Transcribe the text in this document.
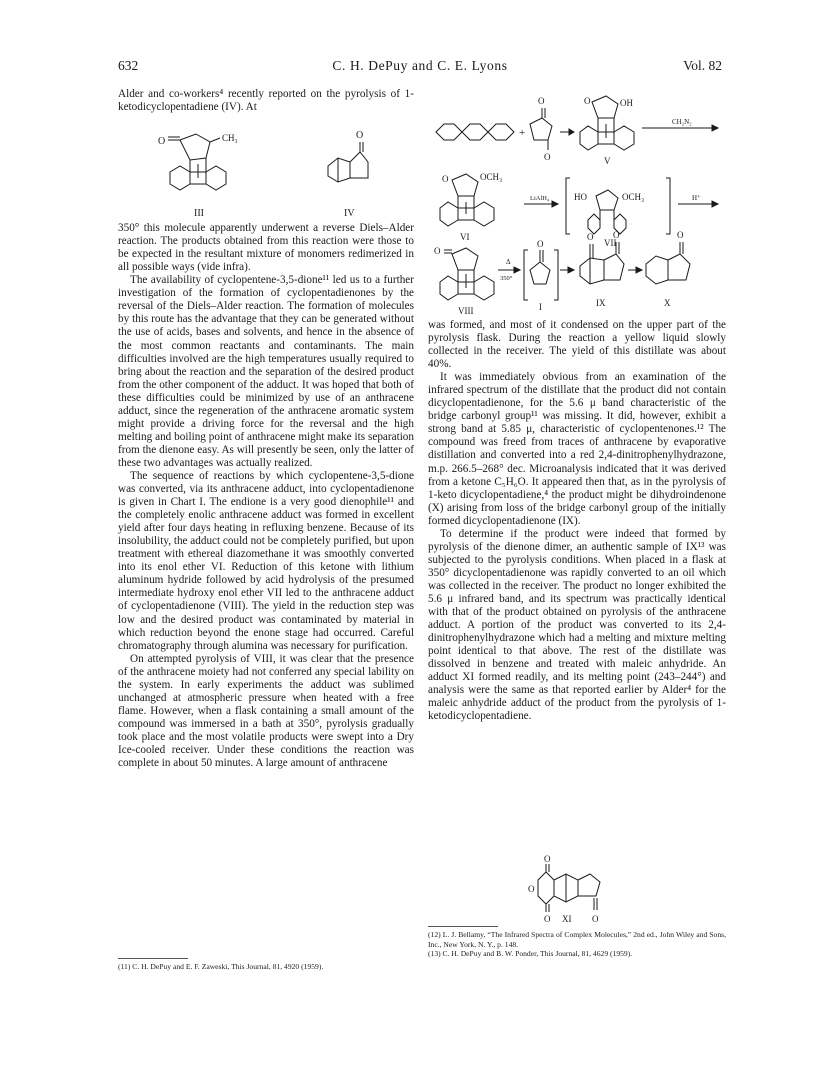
632	C. H. DePuy and C. E. Lyons	Vol. 82

Alder and co-workers⁴ recently reported on the pyrolysis of 1-ketodicyclopentadiene (IV). At

O	CH₃
III
O
IV

350° this molecule apparently underwent a reverse Diels–Alder reaction. The products obtained from this reaction were those to be expected in the resultant mixture of monomers redimerized in all possible ways (vide infra).

The availability of cyclopentene-3,5-dione¹¹ led us to a further investigation of the formation of cyclopentadienones by the reversal of the Diels–Alder reaction. The formation of molecules by this route has the advantage that they can be generated without the use of acids, bases and solvents, and hence in the absence of the most common reactants and contaminants. The main difficulties involved are the high temperatures usually required to bring about the reaction and the separation of the desired product from the other component of the adduct. It was hoped that both of these difficulties could be minimized by use of an anthracene adduct, since the regeneration of the anthracene aromatic system might provide a driving force for the reversal and the high melting and boiling point of anthracene might make its separation from the dienone easy. As will presently be seen, only the latter of these two advantages was actually realized.

The sequence of reactions by which cyclopentene-3,5-dione was converted, via its anthracene adduct, into cyclopentadienone is given in Chart I. The endione is a very good dienophile¹¹ and the completely enolic anthracene adduct was formed in excellent yield after four days heating in refluxing benzene. Because of its insolubility, the adduct could not be completely purified, but upon treatment with ethereal diazomethane it was smoothly converted into its enol ether VI. Reduction of this ketone with lithium aluminum hydride followed by acid hydrolysis of the presumed intermediate hydroxy enol ether VII led to the anthracene adduct of cyclopentadienone (VIII). The yield in the reduction step was low and the desired product was contaminated by material in which reduction beyond the enone stage had occurred. Careful chromatography through alumina was necessary for purification.

On attempted pyrolysis of VIII, it was clear that the presence of the anthracene moiety had not conferred any special lability on the system. In early experiments the adduct was sublimed unchanged at atmospheric pressure when heated with a free flame. However, when a flask containing a small amount of the compound was immersed in a bath at 350°, pyrolysis gradually took place and the most volatile products were swept into a Dry Ice-cooled receiver. Under these conditions the reaction was complete in about 50 minutes. A large amount of anthracene

+
O
O
O	OH
V
CH₂N₂
O	OCH₃
VI
LiAlH₄	HO	OCH₃
VII
H⁺
O
VIII
Δ
350°
O
I
O O
IX
O
X

was formed, and most of it condensed on the upper part of the pyrolysis flask. During the reaction a yellow liquid slowly collected in the receiver. The yield of this distillate was about 40%.

It was immediately obvious from an examination of the infrared spectrum of the distillate that the product did not contain dicyclopentadienone, for the 5.6 μ band characteristic of the bridge carbonyl group¹¹ was missing. It did, however, exhibit a strong band at 5.85 μ, characteristic of cyclopentenones.¹² The compound was freed from traces of anthracene by evaporative distillation and converted into a red 2,4-dinitrophenylhydrazone, m.p. 266.5–268° dec. Microanalysis indicated that it was derived from a ketone C₅H₆O. It appeared then that, as in the pyrolysis of 1-keto dicyclopentadiene,⁴ the product might be dihydroindenone (X) arising from loss of the bridge carbonyl group of the initially formed dicyclopentadienone (IX).

To determine if the product were indeed that formed by pyrolysis of the dienone dimer, an authentic sample of IX¹³ was subjected to the pyrolysis conditions. When placed in a flask at 350° dicyclopentadienone was rapidly converted to an oil which was collected in the receiver. The product no longer exhibited the 5.6 μ infrared band, and its spectrum was practically identical with that of the product obtained on pyrolysis of the anthracene adduct. A portion of the product was converted to its 2,4-dinitrophenylhydrazone which had a melting and mixture melting point identical to that above. The rest of the distillate was dissolved in benzene and treated with maleic anhydride. An adduct XI formed readily, and its melting point (243–244°) and analysis were the same as that reported earlier by Alder⁴ for the maleic anhydride adduct of the product from the pyrolysis of 1-ketodicyclopentadiene.

O
O
O XI O

(11) C. H. DePuy and E. F. Zaweski, This Journal, 81, 4920 (1959).

(12) L. J. Bellamy, “The Infrared Spectra of Complex Molecules,” 2nd ed., John Wiley and Sons, Inc., New York, N. Y., p. 148.

(13) C. H. DePuy and B. W. Ponder, This Journal, 81, 4629 (1959).
